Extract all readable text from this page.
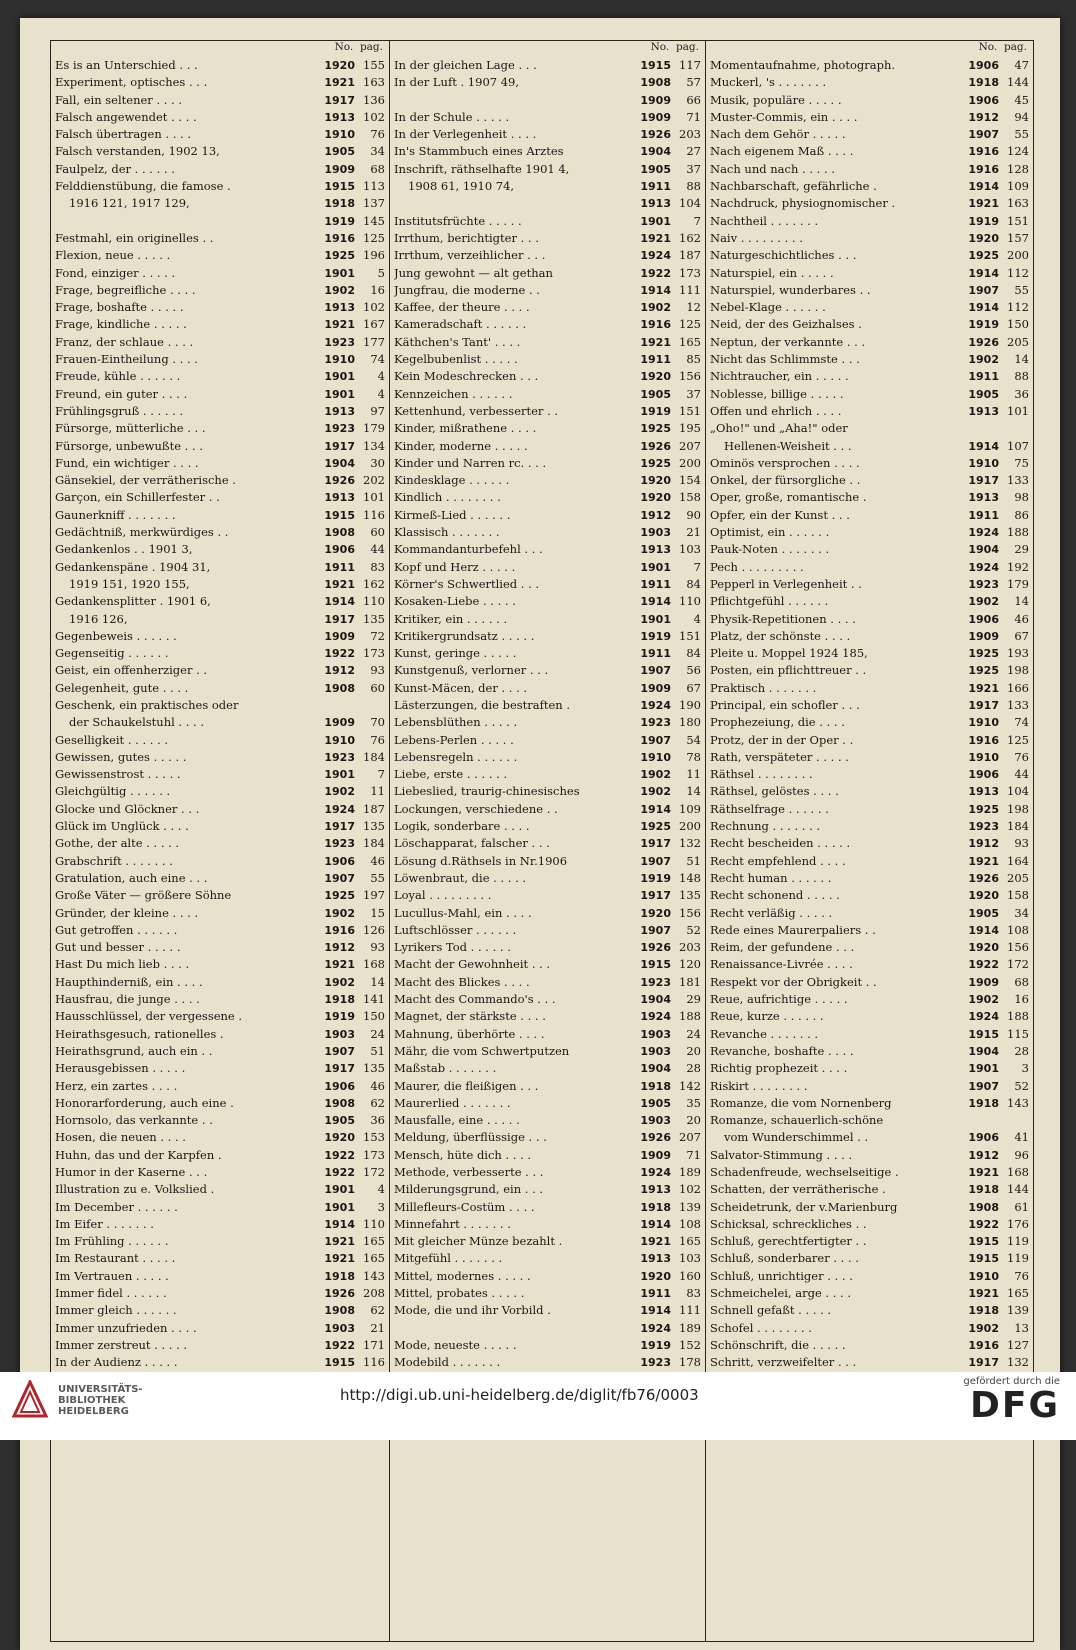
No.  pag.
Es is an Unterschied . . .	1920 155
Experiment, optisches . . .	1921 163
Fall, ein seltener . . . .	1917 136
Falsch angewendet . . . .	1913 102
Falsch übertragen . . . .	1910	76
Falsch verstanden, 1902 13,	1905	34
Faulpelz, der . . . . . .	1909	68
Felddienstübung, die famose .	1915 113
1916 121, 1917 129,	1918 137
1919 145
Festmahl, ein originelles . .	1916 125
Flexion, neue . . . . .	1925 196
Fond, einziger . . . . .	1901	5
Frage, begreifliche . . . .	1902	16
Frage, boshafte . . . . .	1913 102
Frage, kindliche . . . . .	1921 167
Franz, der schlaue . . . .	1923 177
Frauen-Eintheilung . . . .	1910	74
Freude, kühle . . . . . .	1901	4
Freund, ein guter . . . .	1901	4
Frühlingsgruß . . . . . .	1913	97
Fürsorge, mütterliche . . .	1923 179
Fürsorge, unbewußte . . .	1917 134
Fund, ein wichtiger . . . .	1904	30
Gänsekiel, der verrätherische .	1926 202
Garçon, ein Schillerfester . .	1913 101
Gaunerkniff . . . . . . .	1915 116
Gedächtniß, merkwürdiges . .	1908	60
Gedankenlos . . 1901 3,	1906	44
Gedankenspäne . 1904 31,	1911	83
1919 151, 1920 155,	1921 162
Gedankensplitter . 1901 6,	1914 110
1916 126,	1917 135
Gegenbeweis . . . . . .	1909	72
Gegenseitig . . . . . .	1922 173
Geist, ein offenherziger . .	1912	93
Gelegenheit, gute . . . .	1908	60
Geschenk, ein praktisches oder
der Schaukelstuhl . . . .	1909	70
Geselligkeit . . . . . .	1910	76
Gewissen, gutes . . . . .	1923 184
Gewissenstrost . . . . .	1901	7
Gleichgültig . . . . . .	1902	11
Glocke und Glöckner . . .	1924 187
Glück im Unglück . . . .	1917 135
Gothe, der alte . . . . .	1923 184
Grabschrift . . . . . . .	1906	46
Gratulation, auch eine . . .	1907	55
Große Väter — größere Söhne	1925 197
Gründer, der kleine . . . .	1902	15
Gut getroffen . . . . . .	1916 126
Gut und besser . . . . .	1912	93
Hast Du mich lieb . . . .	1921 168
Haupthinderniß, ein . . . .	1902	14
Hausfrau, die junge . . . .	1918 141
Hausschlüssel, der vergessene .	1919 150
Heirathsgesuch, rationelles .	1903	24
Heirathsgrund, auch ein . .	1907	51
Herausgebissen . . . . .	1917 135
Herz, ein zartes . . . .	1906	46
Honorarforderung, auch eine .	1908	62
Hornsolo, das verkannte . .	1905	36
Hosen, die neuen . . . .	1920 153
Huhn, das und der Karpfen .	1922 173
Humor in der Kaserne . . .	1922 172
Illustration zu e. Volkslied .	1901	4
Im December . . . . . .	1901	3
Im Eifer . . . . . . .	1914 110
Im Frühling . . . . . .	1921 165
Im Restaurant . . . . .	1921 165
Im Vertrauen . . . . .	1918 143
Immer fidel . . . . . .	1926 208
Immer gleich . . . . . .	1908	62
Immer unzufrieden . . . .	1903	21
Immer zerstreut . . . . .	1922 171
In der Audienz . . . . .	1915 116
No.  pag.
In der gleichen Lage . . .	1915 117
In der Luft . 1907 49,	1908	57
1909	66
In der Schule . . . . .	1909	71
In der Verlegenheit . . . .	1926 203
In's Stammbuch eines Arztes	1904	27
Inschrift, räthselhafte 1901 4,	1905	37
1908 61, 1910 74,	1911	88
1913 104
Institutsfrüchte . . . . .	1901	7
Irrthum, berichtigter . . .	1921 162
Irrthum, verzeihlicher . . .	1924 187
Jung gewohnt — alt gethan	1922 173
Jungfrau, die moderne . .	1914 111
Kaffee, der theure . . . .	1902	12
Kameradschaft . . . . . .	1916 125
Käthchen's Tant' . . . .	1921 165
Kegelbubenlist . . . . .	1911	85
Kein Modeschrecken . . .	1920 156
Kennzeichen . . . . . .	1905	37
Kettenhund, verbesserter . .	1919 151
Kinder, mißrathene . . . .	1925 195
Kinder, moderne . . . . .	1926 207
Kinder und Narren rc. . . .	1925 200
Kindesklage . . . . . .	1920 154
Kindlich . . . . . . . .	1920 158
Kirmeß-Lied . . . . . .	1912	90
Klassisch . . . . . . .	1903	21
Kommandanturbefehl . . .	1913 103
Kopf und Herz . . . . .	1901	7
Körner's Schwertlied . . .	1911	84
Kosaken-Liebe . . . . .	1914 110
Kritiker, ein . . . . . .	1901	4
Kritikergrundsatz . . . . .	1919 151
Kunst, geringe . . . . .	1911	84
Kunstgenuß, verlorner . . .	1907	56
Kunst-Mäcen, der . . . .	1909	67
Lästerzungen, die bestraften .	1924 190
Lebensblüthen . . . . .	1923 180
Lebens-Perlen . . . . .	1907	54
Lebensregeln . . . . . .	1910	78
Liebe, erste . . . . . .	1902	11
Liebeslied, traurig-chinesisches	1902	14
Lockungen, verschiedene . .	1914 109
Logik, sonderbare . . . .	1925 200
Löschapparat, falscher . . .	1917 132
Lösung d.Räthsels in Nr.1906	1907	51
Löwenbraut, die . . . . .	1919 148
Loyal . . . . . . . . .	1917 135
Lucullus-Mahl, ein . . . .	1920 156
Luftschlösser . . . . . .	1907	52
Lyrikers Tod . . . . . .	1926 203
Macht der Gewohnheit . . .	1915 120
Macht des Blickes . . . .	1923 181
Macht des Commando's . . .	1904	29
Magnet, der stärkste . . . .	1924 188
Mahnung, überhörte . . . .	1903	24
Mähr, die vom Schwertputzen	1903	20
Maßstab . . . . . . .	1904	28
Maurer, die fleißigen . . .	1918 142
Maurerlied . . . . . . .	1905	35
Mausfalle, eine . . . . .	1903	20
Meldung, überflüssige . . .	1926 207
Mensch, hüte dich . . . .	1909	71
Methode, verbesserte . . .	1924 189
Milderungsgrund, ein . . .	1913 102
Millefleurs-Costüm . . . .	1918 139
Minnefahrt . . . . . . .	1914 108
Mit gleicher Münze bezahlt .	1921 165
Mitgefühl . . . . . . .	1913 103
Mittel, modernes . . . . .	1920 160
Mittel, probates . . . . .	1911	83
Mode, die und ihr Vorbild .	1914 111
1924 189
Mode, neueste . . . . .	1919 152
Modebild . . . . . . .	1923 178
No.  pag.
Momentaufnahme, photograph.	1906	47
Muckerl, 's . . . . . . .	1918 144
Musik, populäre . . . . .	1906	45
Muster-Commis, ein . . . .	1912	94
Nach dem Gehör . . . . .	1907	55
Nach eigenem Maß . . . .	1916 124
Nach und nach . . . . .	1916 128
Nachbarschaft, gefährliche .	1914 109
Nachdruck, physiognomischer .	1921 163
Nachtheil . . . . . . .	1919 151
Naiv . . . . . . . . .	1920 157
Naturgeschichtliches . . .	1925 200
Naturspiel, ein . . . . .	1914 112
Naturspiel, wunderbares . .	1907	55
Nebel-Klage . . . . . .	1914 112
Neid, der des Geizhalses .	1919 150
Neptun, der verkannte . . .	1926 205
Nicht das Schlimmste . . .	1902	14
Nichtraucher, ein . . . . .	1911	88
Noblesse, billige . . . . .	1905	36
Offen und ehrlich . . . .	1913 101
„Oho!" und „Aha!" oder
Hellenen-Weisheit . . .	1914 107
Ominös versprochen . . . .	1910	75
Onkel, der fürsorgliche . .	1917 133
Oper, große, romantische .	1913	98
Opfer, ein der Kunst . . .	1911	86
Optimist, ein . . . . . .	1924 188
Pauk-Noten . . . . . . .	1904	29
Pech . . . . . . . . .	1924 192
Pepperl in Verlegenheit . .	1923 179
Pflichtgefühl . . . . . .	1902	14
Physik-Repetitionen . . . .	1906	46
Platz, der schönste . . . .	1909	67
Pleite u. Moppel 1924 185,	1925 193
Posten, ein pflichttreuer . .	1925 198
Praktisch . . . . . . .	1921 166
Principal, ein schofler . . .	1917 133
Prophezeiung, die . . . .	1910	74
Protz, der in der Oper . .	1916 125
Rath, verspäteter . . . . .	1910	76
Räthsel . . . . . . . .	1906	44
Räthsel, gelöstes . . . .	1913 104
Räthselfrage . . . . . .	1925 198
Rechnung . . . . . . .	1923 184
Recht bescheiden . . . . .	1912	93
Recht empfehlend . . . .	1921 164
Recht human . . . . . .	1926 205
Recht schonend . . . . .	1920 158
Recht verläßig . . . . .	1905	34
Rede eines Maurerpaliers . .	1914 108
Reim, der gefundene . . .	1920 156
Renaissance-Livrée . . . .	1922 172
Respekt vor der Obrigkeit . .	1909	68
Reue, aufrichtige . . . . .	1902	16
Reue, kurze . . . . . .	1924 188
Revanche . . . . . . .	1915 115
Revanche, boshafte . . . .	1904	28
Richtig prophezeit . . . .	1901	3
Riskirt . . . . . . . .	1907	52
Romanze, die vom Nornenberg	1918 143
Romanze, schauerlich-schöne
vom Wunderschimmel . .	1906	41
Salvator-Stimmung . . . .	1912	96
Schadenfreude, wechselseitige .	1921 168
Schatten, der verrätherische .	1918 144
Scheidetrunk, der v.Marienburg	1908	61
Schicksal, schreckliches . .	1922 176
Schluß, gerechtfertigter . .	1915 119
Schluß, sonderbarer . . . .	1915 119
Schluß, unrichtiger . . . .	1910	76
Schmeichelei, arge . . . .	1921 165
Schnell gefaßt . . . . .	1918 139
Schofel . . . . . . . .	1902	13
Schönschrift, die . . . . .	1916 127
Schritt, verzweifelter . . .	1917 132
UNIVERSITÄTS-
BIBLIOTHEK
HEIDELBERG
http://digi.ub.uni-heidelberg.de/diglit/fb76/0003
gefördert durch die
DFG
